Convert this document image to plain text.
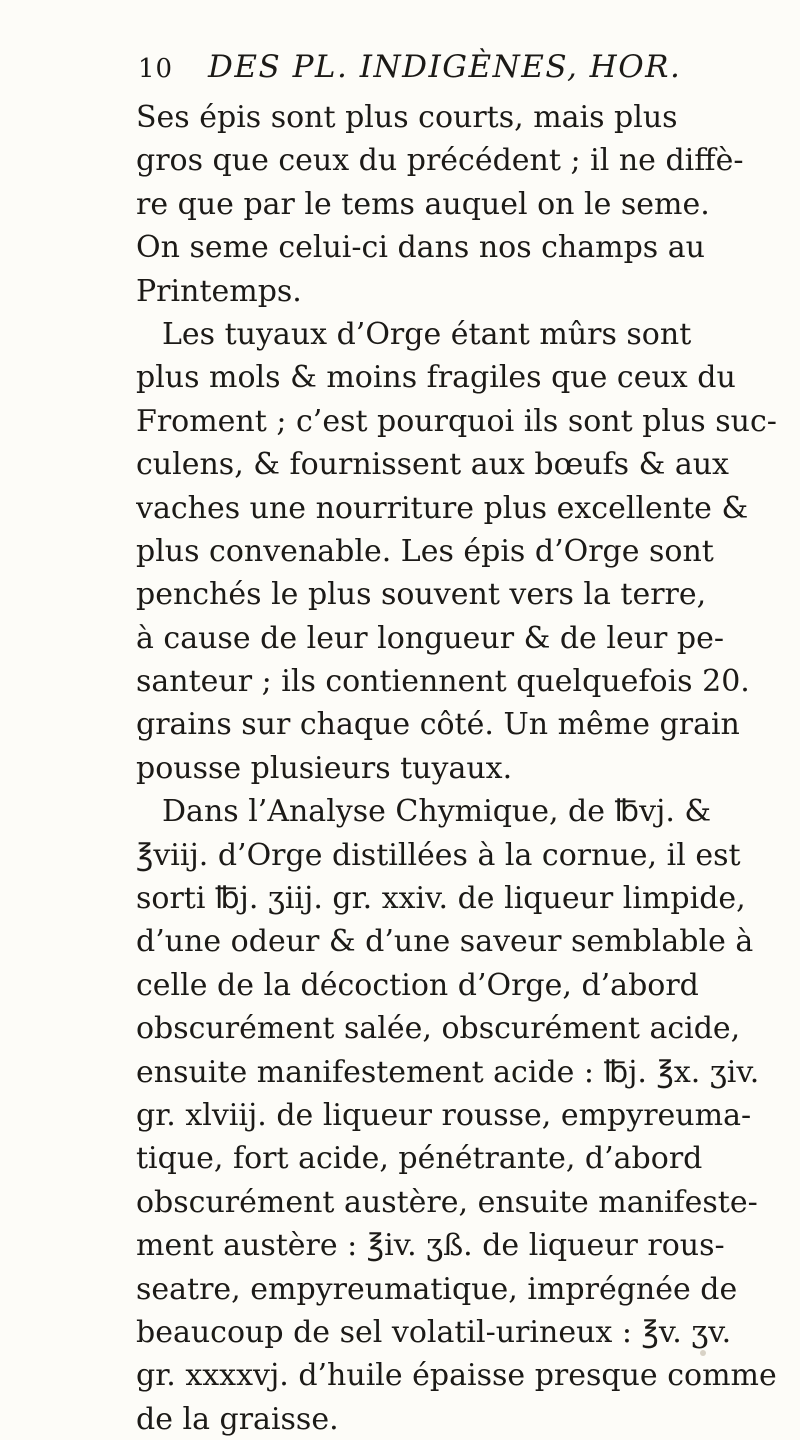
10 DES PL. INDIGÈNES, HOR.
Ses épis sont plus courts, mais plus
gros que ceux du précédent ; il ne diffè-
re que par le tems auquel on le seme.
On seme celui-ci dans nos champs au
Printemps.
Les tuyaux d’Orge étant mûrs sont
plus mols & moins fragiles que ceux du
Froment ; c’est pourquoi ils sont plus suc-
culens, & fournissent aux bœufs & aux
vaches une nourriture plus excellente &
plus convenable. Les épis d’Orge sont
penchés le plus souvent vers la terre,
à cause de leur longueur & de leur pe-
santeur ; ils contiennent quelquefois 20.
grains sur chaque côté. Un même grain
pousse plusieurs tuyaux.
Dans l’Analyse Chymique, de ℔vj. &
℥viij. d’Orge distillées à la cornue, il est
sorti ℔j. ʒiij. gr. xxiv. de liqueur limpide,
d’une odeur & d’une saveur semblable à
celle de la décoction d’Orge, d’abord
obscurément salée, obscurément acide,
ensuite manifestement acide : ℔j. ℥x. ʒiv.
gr. xlviij. de liqueur rousse, empyreuma-
tique, fort acide, pénétrante, d’abord
obscurément austère, ensuite manifeste-
ment austère : ℥iv. ʒß. de liqueur rous-
seatre, empyreumatique, imprégnée de
beaucoup de sel volatil-urineux : ℥v. ʒv.
gr. xxxxvj. d’huile épaisse presque comme
de la graisse.
